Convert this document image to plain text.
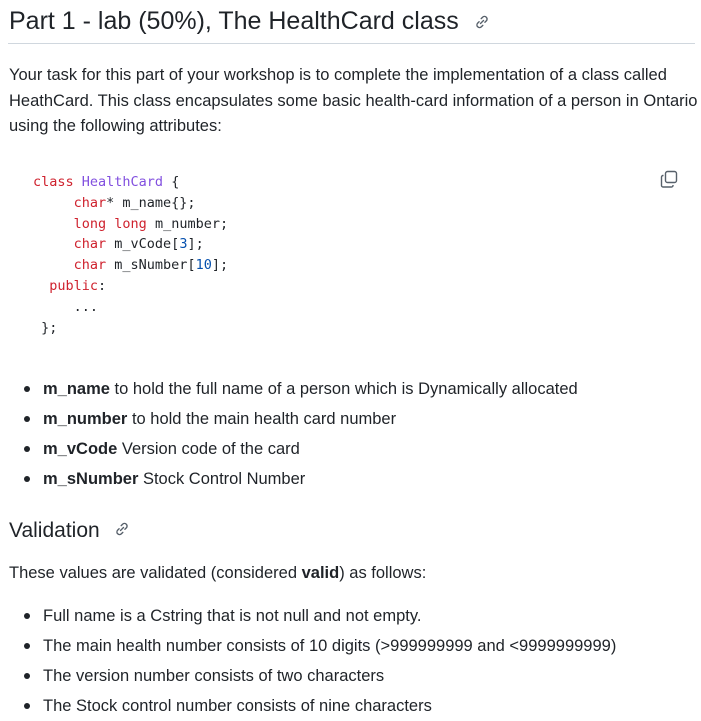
Part 1 - lab (50%), The HealthCard class

Your task for this part of your workshop is to complete the implementation of a class called HeathCard. This class encapsulates some basic health-card information of a person in Ontario using the following attributes:

class HealthCard {
char* m_name{};
long long m_number;
char m_vCode[3];
char m_sNumber[10];
public:
...
};
m_name to hold the full name of a person which is Dynamically allocated
m_number to hold the main health card number
m_vCode Version code of the card
m_sNumber Stock Control Number
Validation

These values are validated (considered valid) as follows:

Full name is a Cstring that is not null and not empty.
The main health number consists of 10 digits (>999999999 and <9999999999)
The version number consists of two characters
The Stock control number consists of nine characters
